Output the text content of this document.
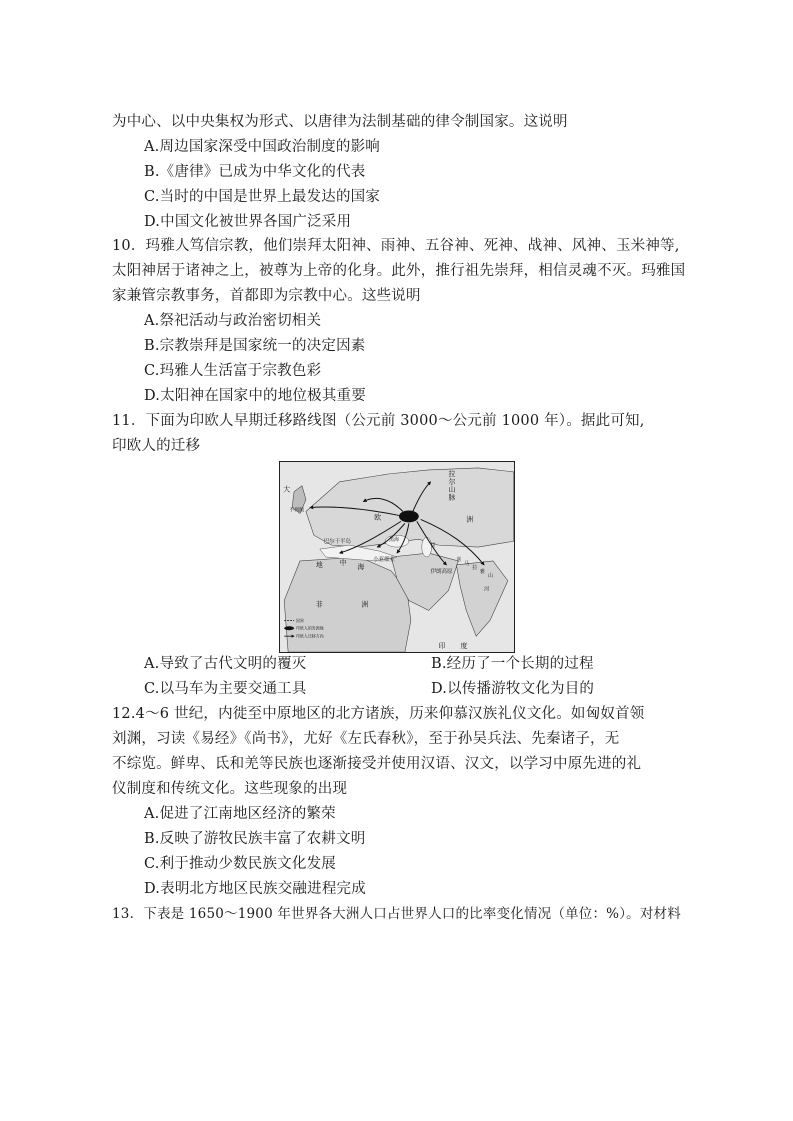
为中心、以中央集权为形式、以唐律为法制基础的律令制国家。这说明
A.周边国家深受中国政治制度的影响
B.《唐律》已成为中华文化的代表
C.当时的中国是世界上最发达的国家
D.中国文化被世界各国广泛采用
10．玛雅人笃信宗教，他们崇拜太阳神、雨神、五谷神、死神、战神、风神、玉米神等,
太阳神居于诸神之上，被尊为上帝的化身。此外，推行祖先崇拜，相信灵魂不灭。玛雅国
家兼管宗教事务，首都即为宗教中心。这些说明
A.祭祀活动与政治密切相关
B.宗教崇拜是国家统一的决定因素
C.玛雅人生活富于宗教色彩
D.太阳神在国家中的地位极其重要
11．下面为印欧人早期迁移路线图（公元前 3000～公元前 1000 年）。据此可知,
印欧人的迁移
大
不列颠
拉
尔
山
脉
欧	洲
巴尔干半岛
小亚细亚
黑海
里
伊朗高原
地 中 海
非	洲
喜
马
拉
雅
山
河
印 度
国界
印欧人的发源地
印欧人迁移方向
A.导致了古代文明的覆灭	B.经历了一个长期的过程
C.以马车为主要交通工具	D.以传播游牧文化为目的
12.4～6 世纪，内徙至中原地区的北方诸族，历来仰慕汉族礼仪文化。如匈奴首领
刘渊，习读《易经》《尚书》，尤好《左氏春秋》，至于孙吴兵法、先秦诸子，无
不综览。鲜卑、氐和羌等民族也逐渐接受并使用汉语、汉文，以学习中原先进的礼
仪制度和传统文化。这些现象的出现
A.促进了江南地区经济的繁荣
B.反映了游牧民族丰富了农耕文明
C.利于推动少数民族文化发展
D.表明北方地区民族交融进程完成
13．下表是 1650～1900 年世界各大洲人口占世界人口的比率变化情况（单位：%）。对材料
